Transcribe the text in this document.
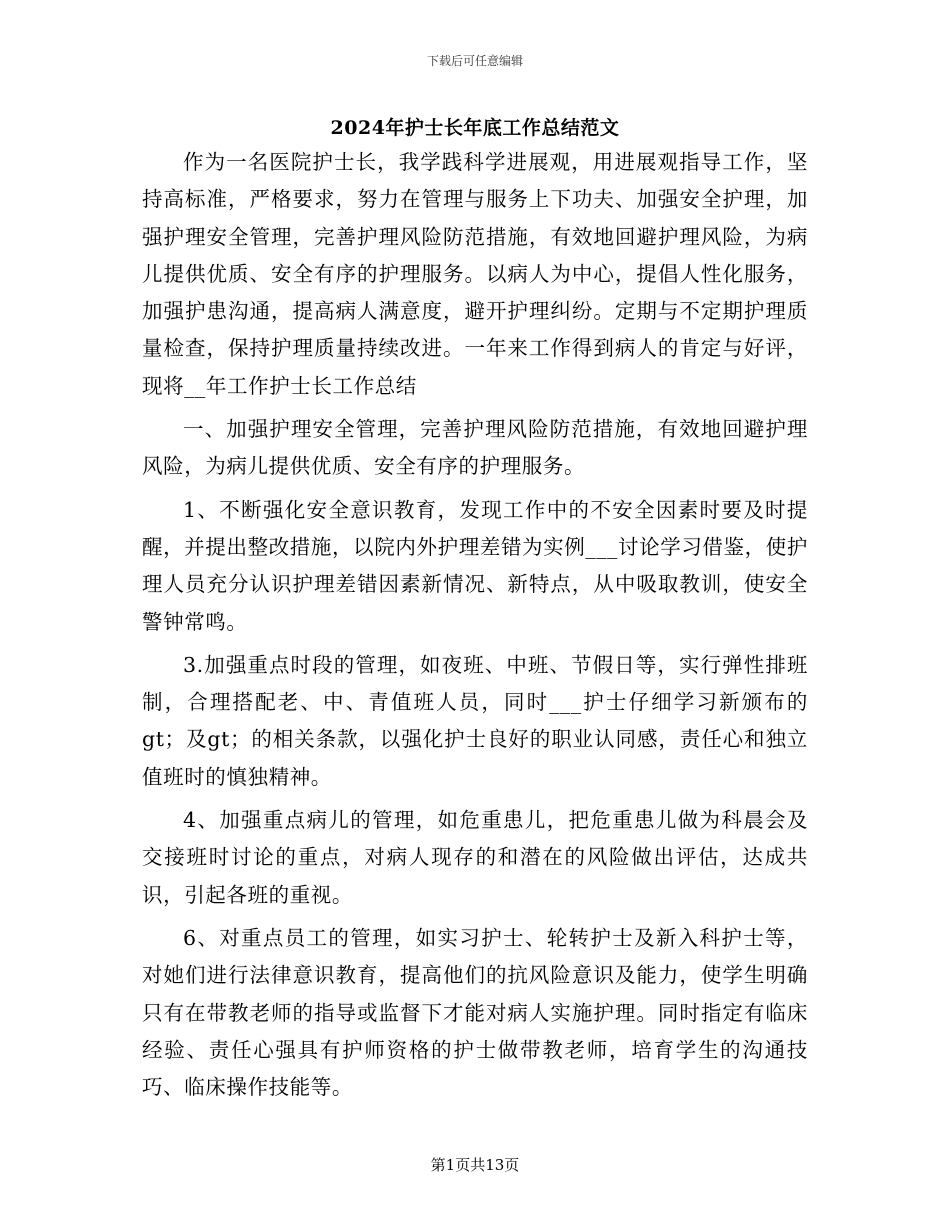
下载后可任意编辑
2024年护士长年底工作总结范文

作为一名医院护士长，我学践科学进展观，用进展观指导工作，坚持高标准，严格要求，努力在管理与服务上下功夫、加强安全护理，加强护理安全管理，完善护理风险防范措施，有效地回避护理风险，为病儿提供优质、安全有序的护理服务。以病人为中心，提倡人性化服务，加强护患沟通，提高病人满意度，避开护理纠纷。定期与不定期护理质量检查，保持护理质量持续改进。一年来工作得到病人的肯定与好评，现将__年工作护士长工作总结

一、加强护理安全管理，完善护理风险防范措施，有效地回避护理风险，为病儿提供优质、安全有序的护理服务。

1、不断强化安全意识教育，发现工作中的不安全因素时要及时提醒，并提出整改措施，以院内外护理差错为实例___讨论学习借鉴，使护理人员充分认识护理差错因素新情况、新特点，从中吸取教训，使安全警钟常鸣。

3.加强重点时段的管理，如夜班、中班、节假日等，实行弹性排班制，合理搭配老、中、青值班人员，同时___护士仔细学习新颁布的gt；及gt；的相关条款，以强化护士良好的职业认同感，责任心和独立值班时的慎独精神。

4、加强重点病儿的管理，如危重患儿，把危重患儿做为科晨会及交接班时讨论的重点，对病人现存的和潜在的风险做出评估，达成共识，引起各班的重视。

6、对重点员工的管理，如实习护士、轮转护士及新入科护士等，对她们进行法律意识教育，提高他们的抗风险意识及能力，使学生明确只有在带教老师的指导或监督下才能对病人实施护理。同时指定有临床经验、责任心强具有护师资格的护士做带教老师，培育学生的沟通技巧、临床操作技能等。

第1页共13页
